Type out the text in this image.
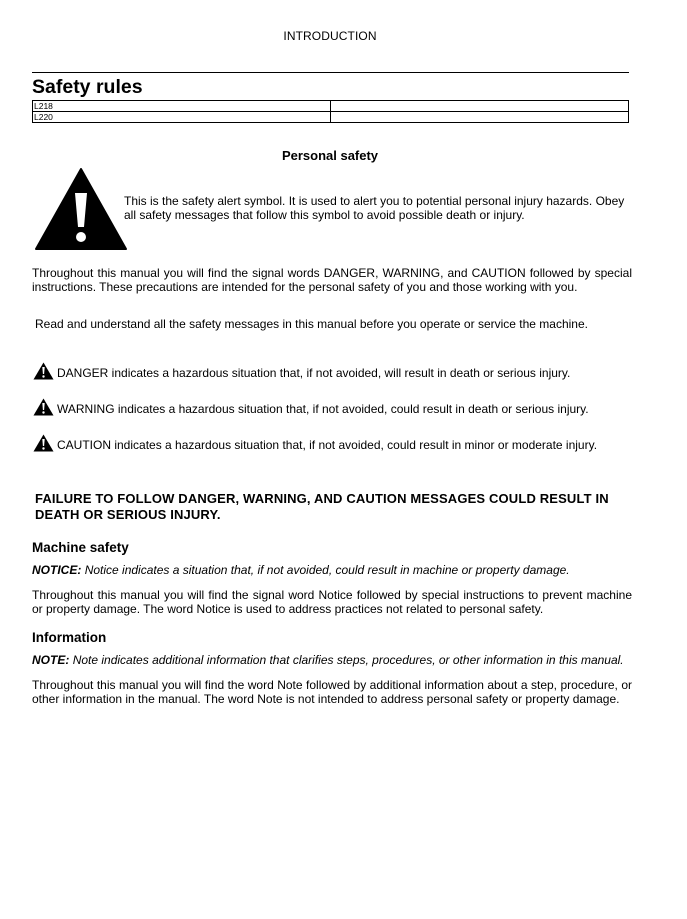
INTRODUCTION
Safety rules
L218	
L220	
Personal safety
This is the safety alert symbol. It is used to alert you to potential personal injury hazards. Obey all safety messages that follow this symbol to avoid possible death or injury.
Throughout this manual you will find the signal words DANGER, WARNING, and CAUTION followed by special instructions. These precautions are intended for the personal safety of you and those working with you.
Read and understand all the safety messages in this manual before you operate or service the machine.
DANGER indicates a hazardous situation that, if not avoided, will result in death or serious injury.
WARNING indicates a hazardous situation that, if not avoided, could result in death or serious injury.
CAUTION indicates a hazardous situation that, if not avoided, could result in minor or moderate injury.
FAILURE TO FOLLOW DANGER, WARNING, AND CAUTION MESSAGES COULD RESULT IN DEATH OR SERIOUS INJURY.
Machine safety
NOTICE: Notice indicates a situation that, if not avoided, could result in machine or property damage.
Throughout this manual you will find the signal word Notice followed by special instructions to prevent machine or property damage. The word Notice is used to address practices not related to personal safety.
Information
NOTE: Note indicates additional information that clarifies steps, procedures, or other information in this manual.
Throughout this manual you will find the word Note followed by additional information about a step, procedure, or other information in the manual. The word Note is not intended to address personal safety or property damage.
